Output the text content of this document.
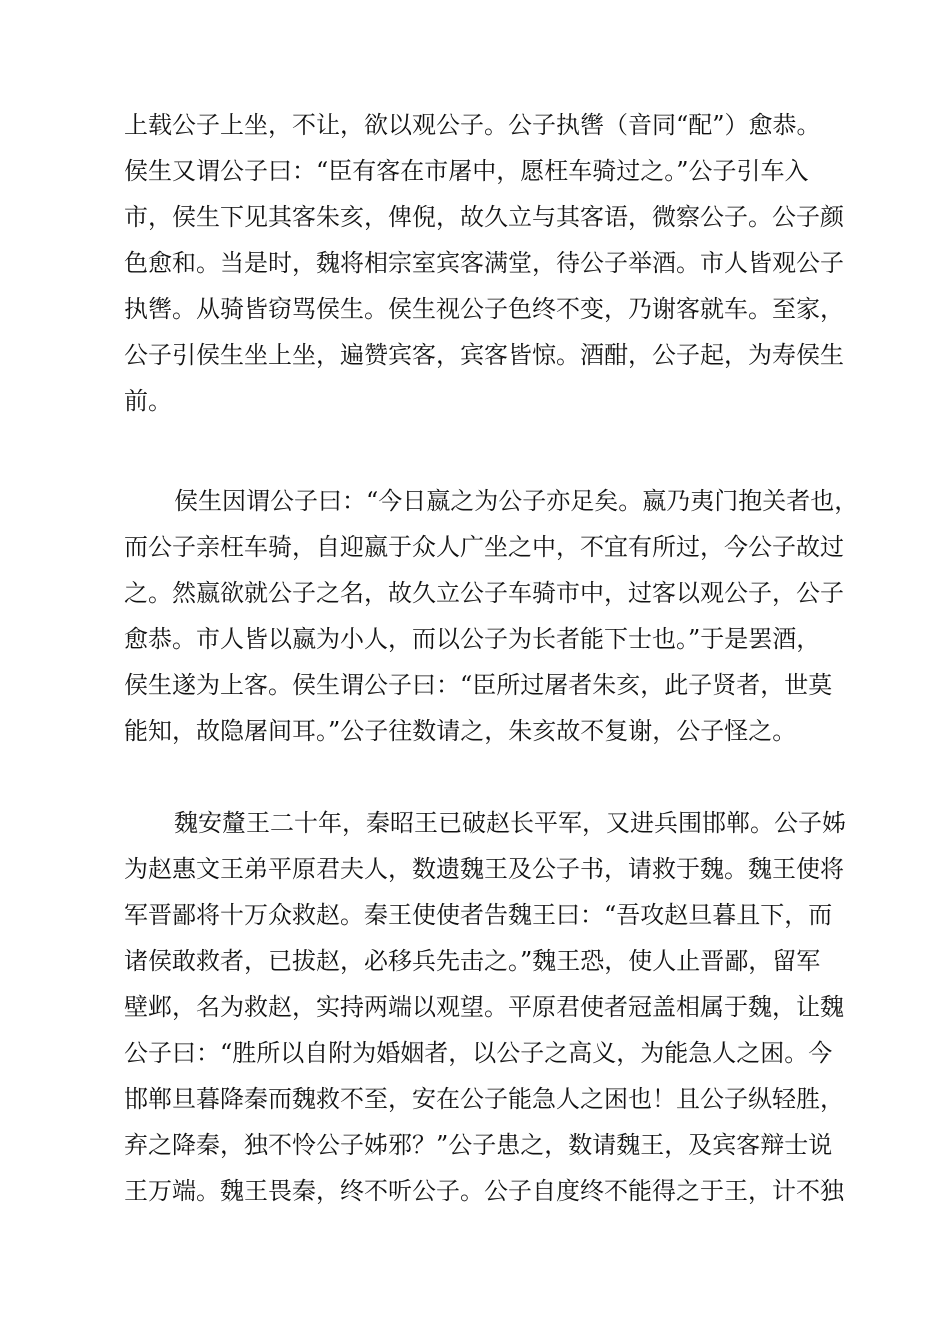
上载公子上坐，不让，欲以观公子。公子执辔（音同“配”）愈恭。
侯生又谓公子曰：“臣有客在市屠中，愿枉车骑过之。”公子引车入
市，侯生下见其客朱亥，俾倪，故久立与其客语，微察公子。公子颜
色愈和。当是时，魏将相宗室宾客满堂，待公子举酒。市人皆观公子
执辔。从骑皆窃骂侯生。侯生视公子色终不变，乃谢客就车。至家，
公子引侯生坐上坐，遍赞宾客，宾客皆惊。酒酣，公子起，为寿侯生
前。
侯生因谓公子曰：“今日嬴之为公子亦足矣。嬴乃夷门抱关者也，
而公子亲枉车骑，自迎嬴于众人广坐之中，不宜有所过，今公子故过
之。然嬴欲就公子之名，故久立公子车骑市中，过客以观公子，公子
愈恭。市人皆以嬴为小人，而以公子为长者能下士也。”于是罢酒，
侯生遂为上客。侯生谓公子曰：“臣所过屠者朱亥，此子贤者，世莫
能知，故隐屠间耳。”公子往数请之，朱亥故不复谢，公子怪之。
魏安釐王二十年，秦昭王已破赵长平军，又进兵围邯郸。公子姊
为赵惠文王弟平原君夫人，数遗魏王及公子书，请救于魏。魏王使将
军晋鄙将十万众救赵。秦王使使者告魏王曰：“吾攻赵旦暮且下，而
诸侯敢救者，已拔赵，必移兵先击之。”魏王恐，使人止晋鄙，留军
壁邺，名为救赵，实持两端以观望。平原君使者冠盖相属于魏，让魏
公子曰：“胜所以自附为婚姻者，以公子之高义，为能急人之困。今
邯郸旦暮降秦而魏救不至，安在公子能急人之困也！且公子纵轻胜，
弃之降秦，独不怜公子姊邪？”公子患之，数请魏王，及宾客辩士说
王万端。魏王畏秦，终不听公子。公子自度终不能得之于王，计不独
